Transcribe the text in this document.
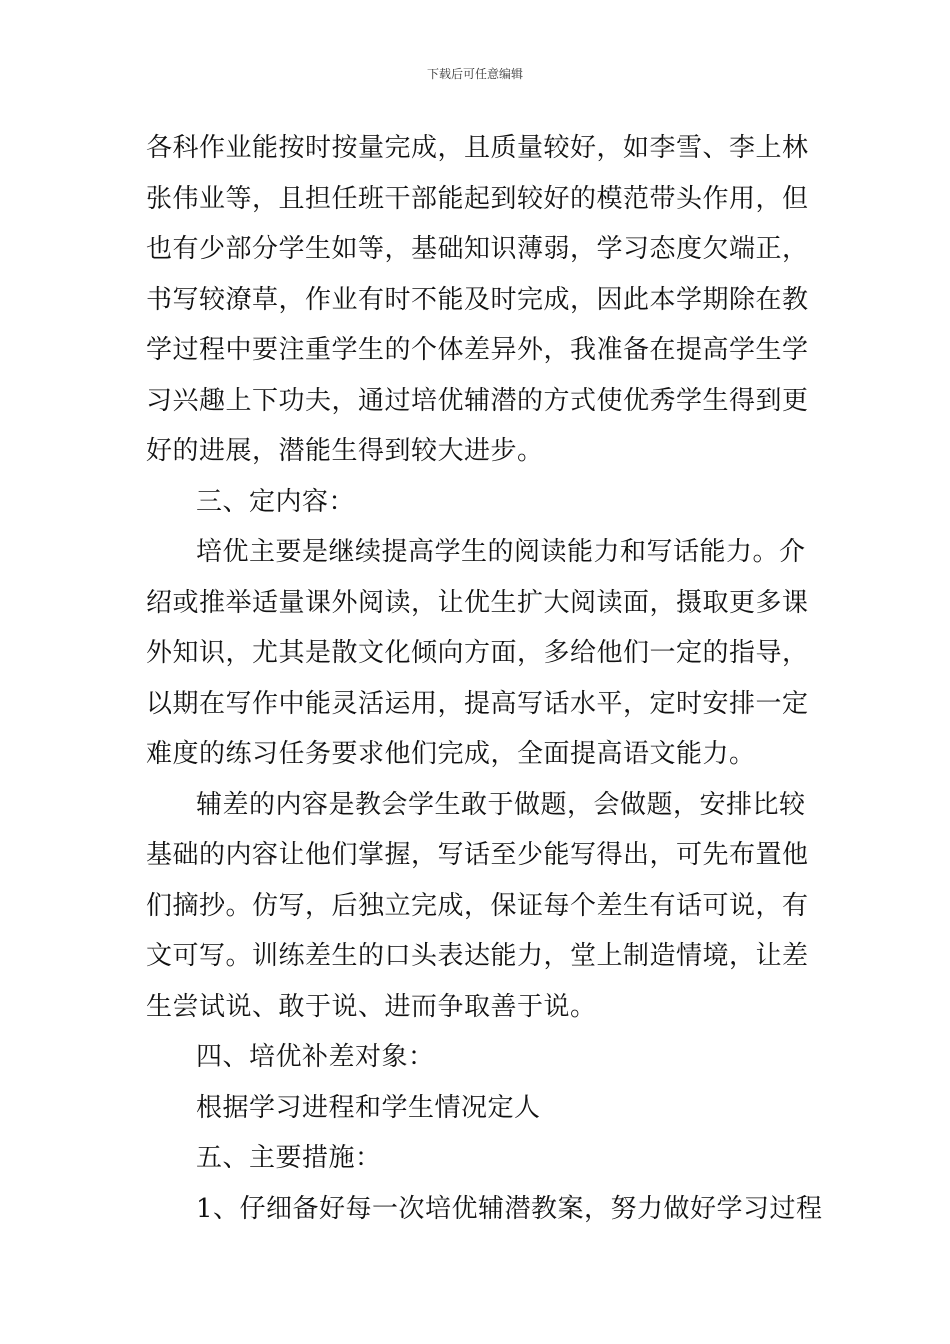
下载后可任意编辑
各科作业能按时按量完成，且质量较好，如李雪、李上林
张伟业等，且担任班干部能起到较好的模范带头作用，但
也有少部分学生如等，基础知识薄弱，学习态度欠端正，
书写较潦草，作业有时不能及时完成，因此本学期除在教
学过程中要注重学生的个体差异外，我准备在提高学生学
习兴趣上下功夫，通过培优辅潜的方式使优秀学生得到更
好的进展，潜能生得到较大进步。
三、定内容：
培优主要是继续提高学生的阅读能力和写话能力。介
绍或推举适量课外阅读，让优生扩大阅读面，摄取更多课
外知识，尤其是散文化倾向方面，多给他们一定的指导，
以期在写作中能灵活运用，提高写话水平，定时安排一定
难度的练习任务要求他们完成，全面提高语文能力。
辅差的内容是教会学生敢于做题，会做题，安排比较
基础的内容让他们掌握，写话至少能写得出，可先布置他
们摘抄。仿写，后独立完成，保证每个差生有话可说，有
文可写。训练差生的口头表达能力，堂上制造情境，让差
生尝试说、敢于说、进而争取善于说。
四、培优补差对象：
根据学习进程和学生情况定人
五、主要措施：
1、仔细备好每一次培优辅潜教案，努力做好学习过程
